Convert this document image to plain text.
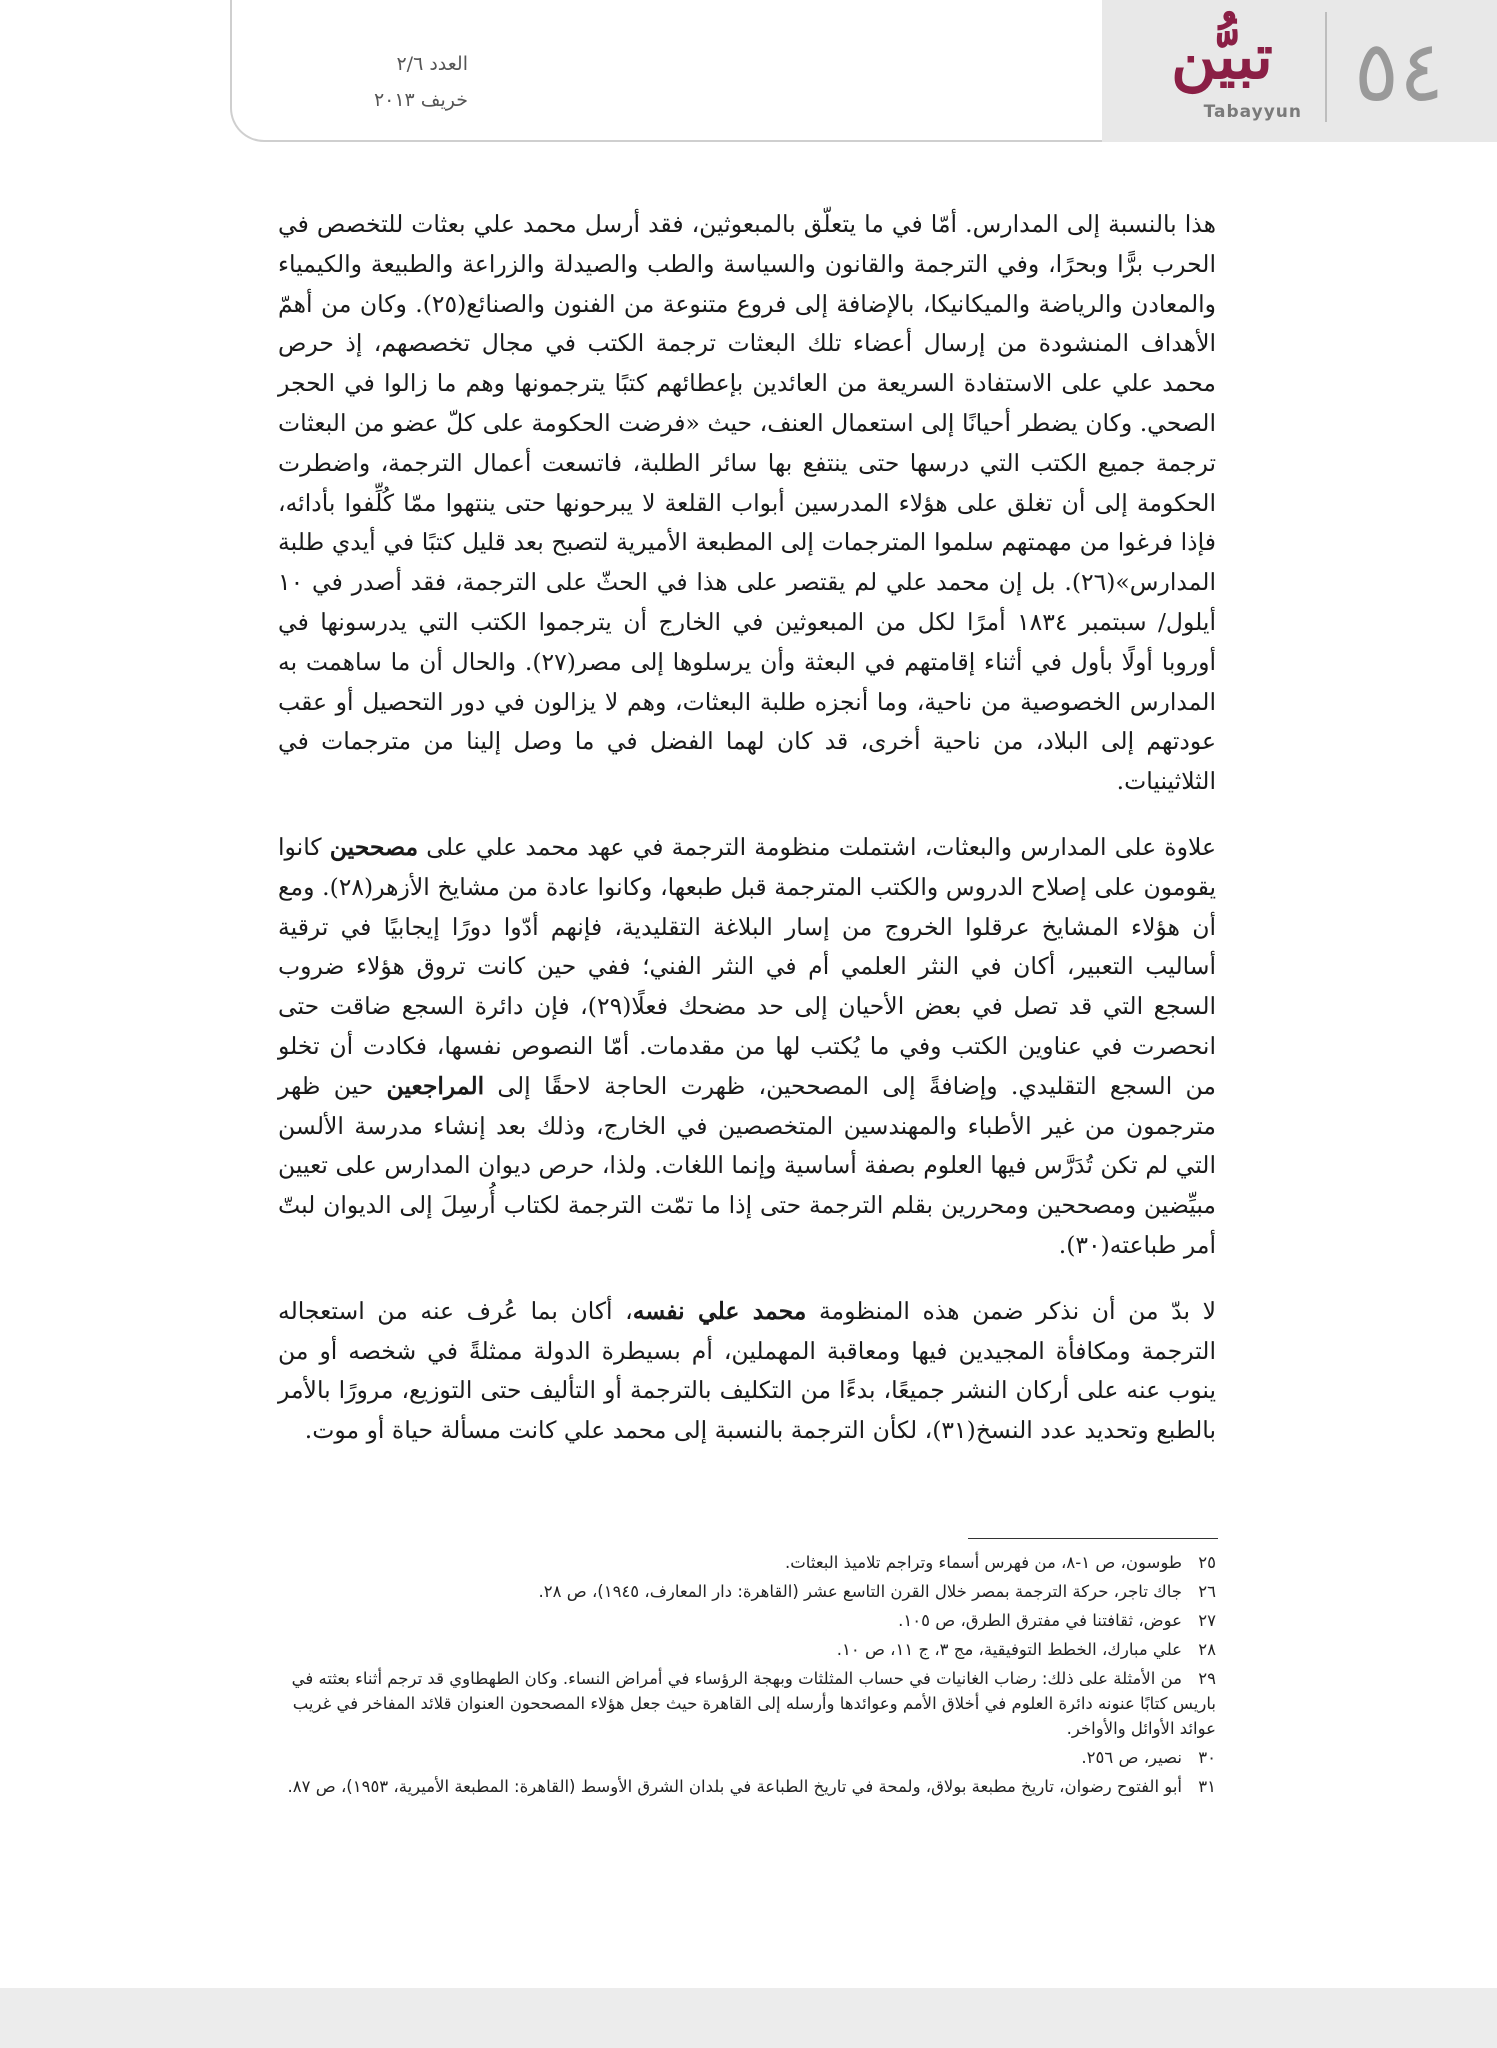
٥٤
تبيُّن
Tabayyun
العدد ٢/٦
خريف ٢٠١٣

هذا بالنسبة إلى المدارس. أمّا في ما يتعلّق بالمبعوثين، فقد أرسل محمد علي بعثات للتخصص في الحرب برًّا وبحرًا، وفي الترجمة والقانون والسياسة والطب والصيدلة والزراعة والطبيعة والكيمياء والمعادن والرياضة والميكانيكا، بالإضافة إلى فروع متنوعة من الفنون والصنائع(٢٥). وكان من أهمّ الأهداف المنشودة من إرسال أعضاء تلك البعثات ترجمة الكتب في مجال تخصصهم، إذ حرص محمد علي على الاستفادة السريعة من العائدين بإعطائهم كتبًا يترجمونها وهم ما زالوا في الحجر الصحي. وكان يضطر أحيانًا إلى استعمال العنف، حيث «فرضت الحكومة على كلّ عضو من البعثات ترجمة جميع الكتب التي درسها حتى ينتفع بها سائر الطلبة، فاتسعت أعمال الترجمة، واضطرت الحكومة إلى أن تغلق على هؤلاء المدرسين أبواب القلعة لا يبرحونها حتى ينتهوا ممّا كُلِّفوا بأدائه، فإذا فرغوا من مهمتهم سلموا المترجمات إلى المطبعة الأميرية لتصبح بعد قليل كتبًا في أيدي طلبة المدارس»(٢٦). بل إن محمد علي لم يقتصر على هذا في الحثّ على الترجمة، فقد أصدر في ١٠ أيلول/ سبتمبر ١٨٣٤ أمرًا لكل من المبعوثين في الخارج أن يترجموا الكتب التي يدرسونها في أوروبا أولًا بأول في أثناء إقامتهم في البعثة وأن يرسلوها إلى مصر(٢٧). والحال أن ما ساهمت به المدارس الخصوصية من ناحية، وما أنجزه طلبة البعثات، وهم لا يزالون في دور التحصيل أو عقب عودتهم إلى البلاد، من ناحية أخرى، قد كان لهما الفضل في ما وصل إلينا من مترجمات في الثلاثينيات.

علاوة على المدارس والبعثات، اشتملت منظومة الترجمة في عهد محمد علي على مصححين كانوا يقومون على إصلاح الدروس والكتب المترجمة قبل طبعها، وكانوا عادة من مشايخ الأزهر(٢٨). ومع أن هؤلاء المشايخ عرقلوا الخروج من إسار البلاغة التقليدية، فإنهم أدّوا دورًا إيجابيًا في ترقية أساليب التعبير، أكان في النثر العلمي أم في النثر الفني؛ ففي حين كانت تروق هؤلاء ضروب السجع التي قد تصل في بعض الأحيان إلى حد مضحك فعلًا(٢٩)، فإن دائرة السجع ضاقت حتى انحصرت في عناوين الكتب وفي ما يُكتب لها من مقدمات. أمّا النصوص نفسها، فكادت أن تخلو من السجع التقليدي. وإضافةً إلى المصححين، ظهرت الحاجة لاحقًا إلى المراجعين حين ظهر مترجمون من غير الأطباء والمهندسين المتخصصين في الخارج، وذلك بعد إنشاء مدرسة الألسن التي لم تكن تُدَرَّس فيها العلوم بصفة أساسية وإنما اللغات. ولذا، حرص ديوان المدارس على تعيين مبيِّضين ومصححين ومحررين بقلم الترجمة حتى إذا ما تمّت الترجمة لكتاب أُرسِلَ إلى الديوان لبتّ أمر طباعته(٣٠).

لا بدّ من أن نذكر ضمن هذه المنظومة محمد علي نفسه، أكان بما عُرف عنه من استعجاله الترجمة ومكافأة المجيدين فيها ومعاقبة المهملين، أم بسيطرة الدولة ممثلةً في شخصه أو من ينوب عنه على أركان النشر جميعًا، بدءًا من التكليف بالترجمة أو التأليف حتى التوزيع، مرورًا بالأمر بالطبع وتحديد عدد النسخ(٣١)، لكأن الترجمة بالنسبة إلى محمد علي كانت مسألة حياة أو موت.

٢٥طوسون، ص ١-٨، من فهرس أسماء وتراجم تلاميذ البعثات.
٢٦جاك تاجر، حركة الترجمة بمصر خلال القرن التاسع عشر (القاهرة: دار المعارف، ١٩٤٥)، ص ٢٨.
٢٧عوض، ثقافتنا في مفترق الطرق، ص ١٠٥.
٢٨علي مبارك، الخطط التوفيقية، مج ٣، ج ١١، ص ١٠.
٢٩من الأمثلة على ذلك: رضاب الغانيات في حساب المثلثات وبهجة الرؤساء في أمراض النساء. وكان الطهطاوي قد ترجم أثناء بعثته في باريس كتابًا عنونه دائرة العلوم في أخلاق الأمم وعوائدها وأرسله إلى القاهرة حيث جعل هؤلاء المصححون العنوان قلائد المفاخر في غريب عوائد الأوائل والأواخر.
٣٠نصير، ص ٢٥٦.
٣١أبو الفتوح رضوان، تاريخ مطبعة بولاق، ولمحة في تاريخ الطباعة في بلدان الشرق الأوسط (القاهرة: المطبعة الأميرية، ١٩٥٣)، ص ٨٧.
